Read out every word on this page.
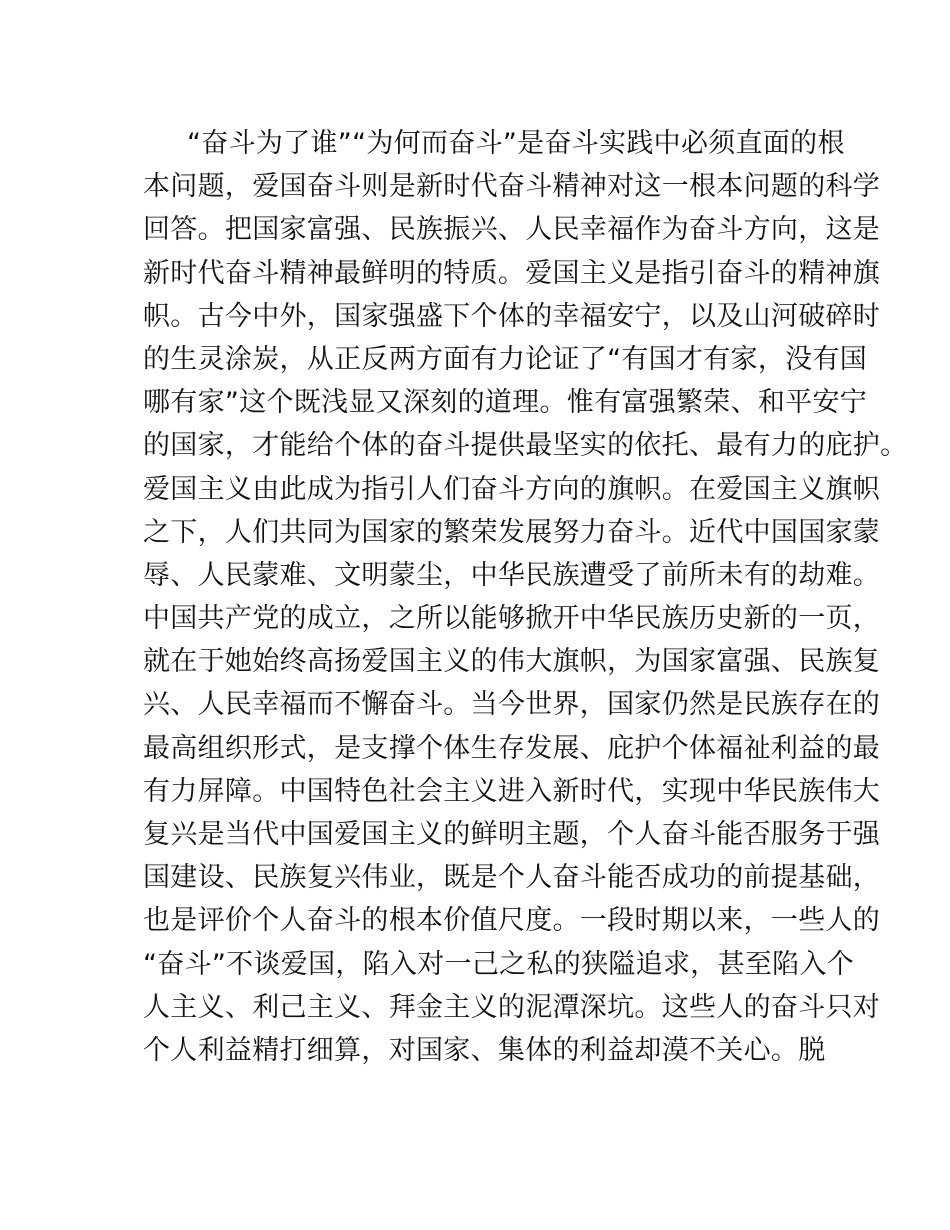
“奋斗为了谁”“为何而奋斗”是奋斗实践中必须直面的根
本问题，爱国奋斗则是新时代奋斗精神对这一根本问题的科学
回答。把国家富强、民族振兴、人民幸福作为奋斗方向，这是
新时代奋斗精神最鲜明的特质。爱国主义是指引奋斗的精神旗
帜。古今中外，国家强盛下个体的幸福安宁，以及山河破碎时
的生灵涂炭，从正反两方面有力论证了“有国才有家，没有国
哪有家”这个既浅显又深刻的道理。惟有富强繁荣、和平安宁
的国家，才能给个体的奋斗提供最坚实的依托、最有力的庇护。
爱国主义由此成为指引人们奋斗方向的旗帜。在爱国主义旗帜
之下，人们共同为国家的繁荣发展努力奋斗。近代中国国家蒙
辱、人民蒙难、文明蒙尘，中华民族遭受了前所未有的劫难。
中国共产党的成立，之所以能够掀开中华民族历史新的一页，
就在于她始终高扬爱国主义的伟大旗帜，为国家富强、民族复
兴、人民幸福而不懈奋斗。当今世界，国家仍然是民族存在的
最高组织形式，是支撑个体生存发展、庇护个体福祉利益的最
有力屏障。中国特色社会主义进入新时代，实现中华民族伟大
复兴是当代中国爱国主义的鲜明主题，个人奋斗能否服务于强
国建设、民族复兴伟业，既是个人奋斗能否成功的前提基础，
也是评价个人奋斗的根本价值尺度。一段时期以来，一些人的
“奋斗”不谈爱国，陷入对一己之私的狭隘追求，甚至陷入个
人主义、利己主义、拜金主义的泥潭深坑。这些人的奋斗只对
个人利益精打细算，对国家、集体的利益却漠不关心。脱
